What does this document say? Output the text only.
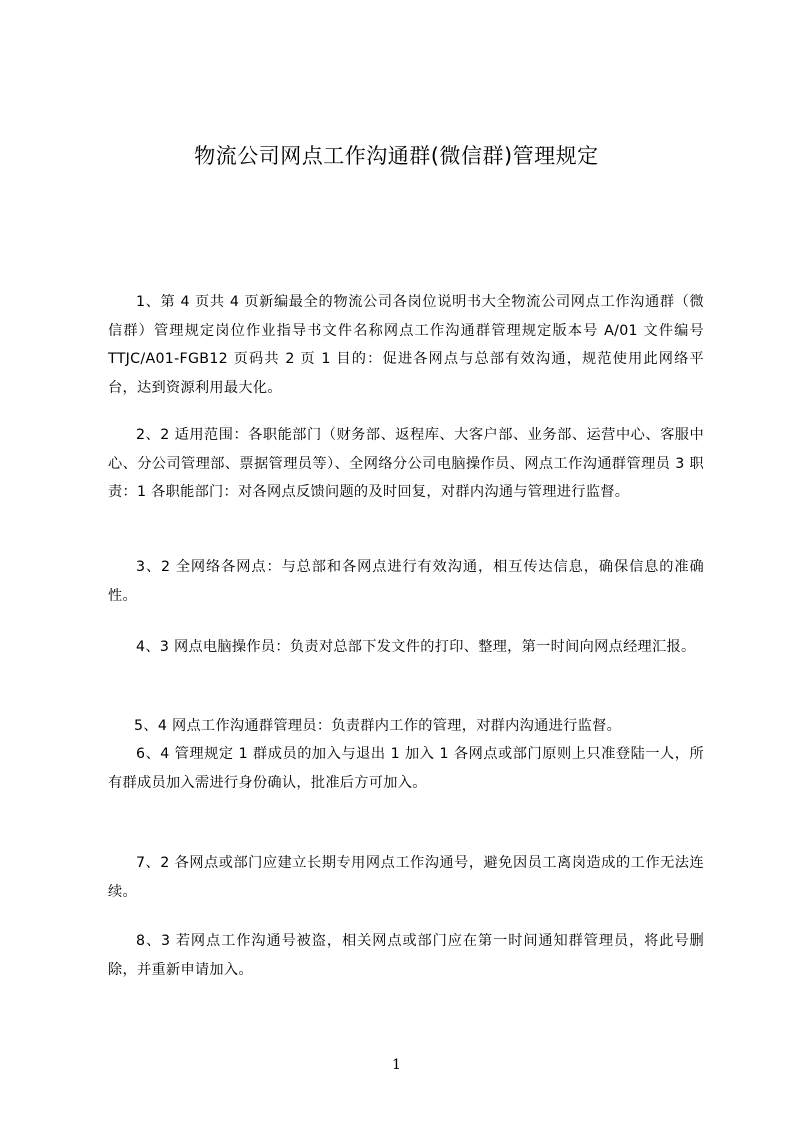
物流公司网点工作沟通群(微信群)管理规定

1、第 4 页共 4 页新编最全的物流公司各岗位说明书大全物流公司网点工作沟通群（微信群）管理规定岗位作业指导书文件名称网点工作沟通群管理规定版本号 A/01 文件编号 TTJC/A01-FGB12 页码共 2 页 1 目的：促进各网点与总部有效沟通，规范使用此网络平台，达到资源利用最大化。

2、2 适用范围：各职能部门（财务部、返程库、大客户部、业务部、运营中心、客服中心、分公司管理部、票据管理员等）、全网络分公司电脑操作员、网点工作沟通群管理员 3 职责：1 各职能部门：对各网点反馈问题的及时回复，对群内沟通与管理进行监督。

3、2 全网络各网点：与总部和各网点进行有效沟通，相互传达信息，确保信息的准确性。

4、3 网点电脑操作员：负责对总部下发文件的打印、整理，第一时间向网点经理汇报。

5、4 网点工作沟通群管理员：负责群内工作的管理，对群内沟通进行监督。

6、4 管理规定 1 群成员的加入与退出 1 加入 1 各网点或部门原则上只准登陆一人，所有群成员加入需进行身份确认，批准后方可加入。

7、2 各网点或部门应建立长期专用网点工作沟通号，避免因员工离岗造成的工作无法连续。

8、3 若网点工作沟通号被盗，相关网点或部门应在第一时间通知群管理员，将此号删除，并重新申请加入。

1
